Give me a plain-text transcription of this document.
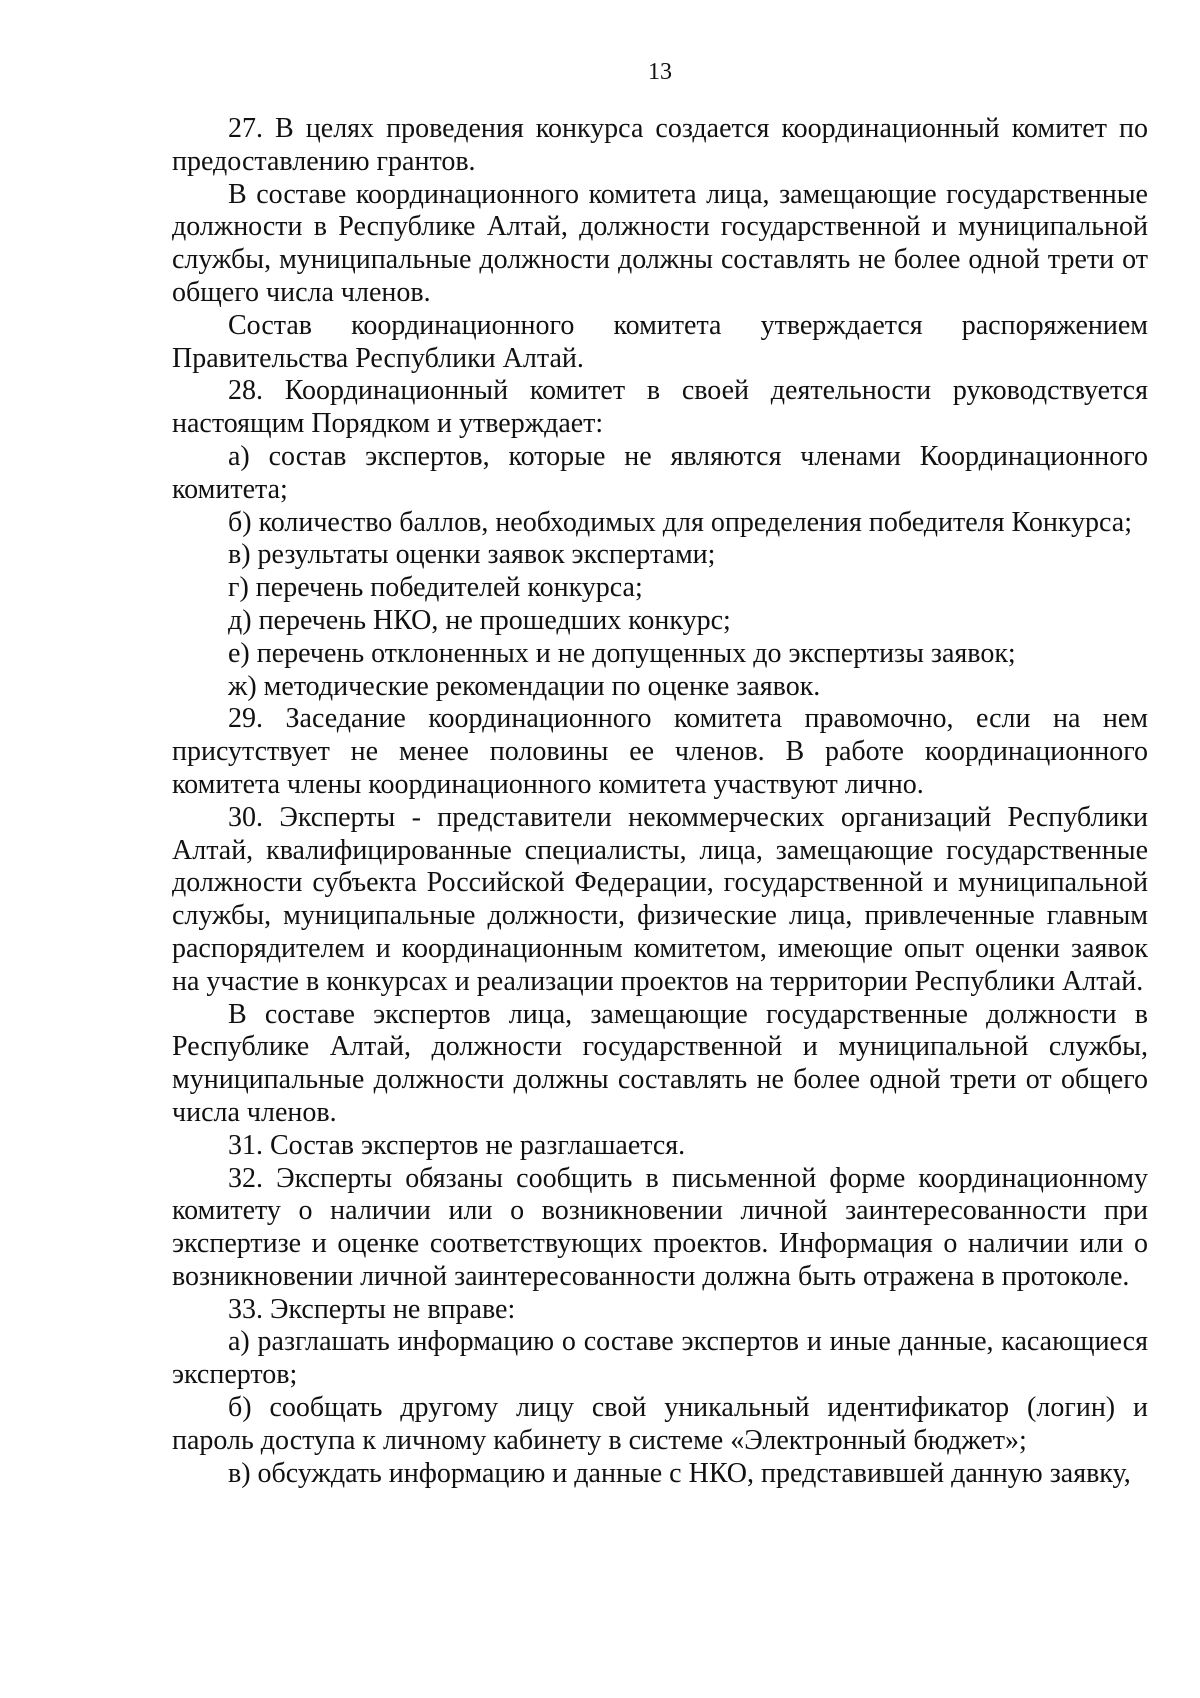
13

27. В целях проведения конкурса создается координационный комитет по предоставлению грантов.

В составе координационного комитета лица, замещающие государственные должности в Республике Алтай, должности государственной и муниципальной службы, муниципальные должности должны составлять не более одной трети от общего числа членов.

Состав координационного комитета утверждается распоряжением Правительства Республики Алтай.

28. Координационный комитет в своей деятельности руководствуется настоящим Порядком и утверждает:

а) состав экспертов, которые не являются членами Координационного комитета;

б) количество баллов, необходимых для определения победителя Конкурса;

в) результаты оценки заявок экспертами;

г) перечень победителей конкурса;

д) перечень НКО, не прошедших конкурс;

е) перечень отклоненных и не допущенных до экспертизы заявок;

ж) методические рекомендации по оценке заявок.

29. Заседание координационного комитета правомочно, если на нем присутствует не менее половины ее членов. В работе координационного комитета члены координационного комитета участвуют лично.

30. Эксперты - представители некоммерческих организаций Республики Алтай, квалифицированные специалисты, лица, замещающие государственные должности субъекта Российской Федерации, государственной и муниципальной службы, муниципальные должности, физические лица, привлеченные главным распорядителем и координационным комитетом, имеющие опыт оценки заявок на участие в конкурсах и реализации проектов на территории Республики Алтай.

В составе экспертов лица, замещающие государственные должности в Республике Алтай, должности государственной и муниципальной службы, муниципальные должности должны составлять не более одной трети от общего числа членов.

31. Состав экспертов не разглашается.

32. Эксперты обязаны сообщить в письменной форме координационному комитету о наличии или о возникновении личной заинтересованности при экспертизе и оценке соответствующих проектов. Информация о наличии или о возникновении личной заинтересованности должна быть отражена в протоколе.

33. Эксперты не вправе:

а) разглашать информацию о составе экспертов и иные данные, касающиеся экспертов;

б) сообщать другому лицу свой уникальный идентификатор (логин) и пароль доступа к личному кабинету в системе «Электронный бюджет»;

в) обсуждать информацию и данные с НКО, представившей данную заявку,
